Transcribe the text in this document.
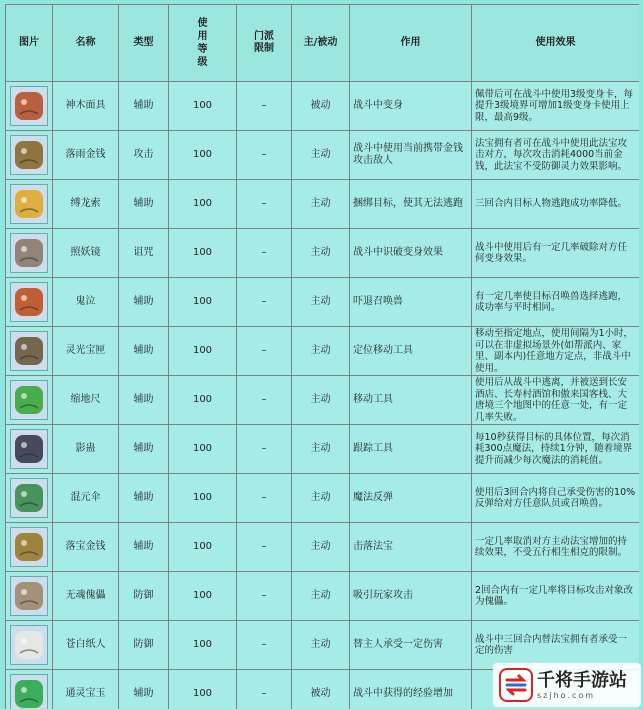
图片	名称	类型	使
用
等
级	门派
限制	主/被动	作用	使用效果

	神木面具	辅助	100	–	被动	战斗中变身	佩带后可在战斗中使用3级变身卡，每提升3级境界可增加1级变身卡使用上限，最高9级。

	落雨金钱	攻击	100	–	主动	战斗中使用当前携带金钱攻击敌人	法宝拥有者可在战斗中使用此法宝攻击对方，每次攻击消耗4000当前金钱，此法宝不受防御灵力效果影响。

	缚龙索	辅助	100	–	主动	捆绑目标，使其无法逃跑	三回合内目标人物逃跑成功率降低。

	照妖镜	诅咒	100	–	主动	战斗中识破变身效果	战斗中使用后有一定几率破除对方任何变身效果。

	鬼泣	辅助	100	–	主动	吓退召唤兽	有一定几率使目标召唤兽选择逃跑，成功率与平时相同。

	灵光宝匣	辅助	100	–	主动	定位移动工具	移动至指定地点，使用间隔为1小时，可以在非虚拟场景外(如帮派内、家里、副本内)任意地方定点，非战斗中使用。

	缩地尺	辅助	100	–	主动	移动工具	使用后从战斗中逃离，并被送到长安酒店、长寿村酒馆和傲来国客栈、大唐境三个地图中的任意一处，有一定几率失败。

	影蛊	辅助	100	–	主动	跟踪工具	每10秒获得目标的具体位置，每次消耗300点魔法，持续1分钟，随着境界提升而减少每次魔法的消耗值。

	混元伞	辅助	100	–	主动	魔法反弹	使用后3回合内将自己承受伤害的10%反弹给对方任意队员或召唤兽。

	落宝金钱	辅助	100	–	主动	击落法宝	一定几率取消对方主动法宝增加的持续效果，不受五行相生相克的限制。

	无魂傀儡	防御	100	–	主动	吸引玩家攻击	2回合内有一定几率将目标攻击对象改为傀儡。

	苍白纸人	防御	100	–	主动	替主人承受一定伤害	战斗中三回合内替法宝拥有者承受一定的伤害

	通灵宝玉	辅助	100	–	被动	战斗中获得的经验增加	
千将手游站
szjho.com
